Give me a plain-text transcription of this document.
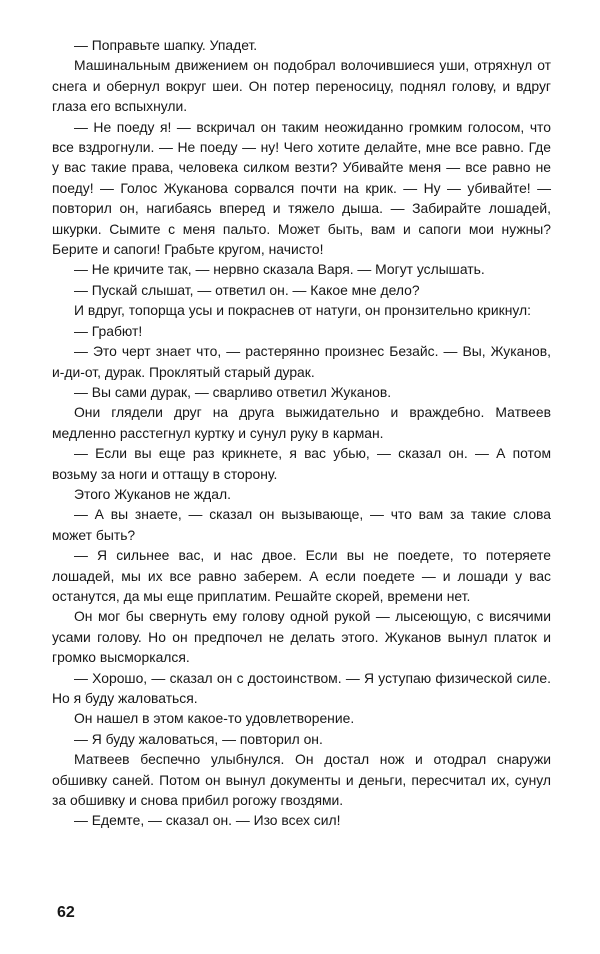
— Поправьте шапку. Упадет.

Машинальным движением он подобрал волочившиеся уши, отряхнул от снега и обернул вокруг шеи. Он потер переносицу, поднял голову, и вдруг глаза его вспыхнули.

— Не поеду я! — вскричал он таким неожиданно громким голосом, что все вздрогнули. — Не поеду — ну! Чего хотите делайте, мне все равно. Где у вас такие права, человека силком везти? Убивайте меня — все равно не поеду! — Голос Жуканова сорвался почти на крик. — Ну — убивайте! — повторил он, нагибаясь вперед и тяжело дыша. — Забирайте лошадей, шкурки. Сымите с меня пальто. Может быть, вам и сапоги мои нужны? Берите и сапоги! Грабьте кругом, начисто!

— Не кричите так, — нервно сказала Варя. — Могут услышать.

— Пускай слышат, — ответил он. — Какое мне дело?

И вдруг, топорща усы и покраснев от натуги, он пронзительно крикнул:

— Грабют!

— Это черт знает что, — растерянно произнес Безайс. — Вы, Жуканов, и-ди-от, дурак. Проклятый старый дурак.

— Вы сами дурак, — сварливо ответил Жуканов.

Они глядели друг на друга выжидательно и враждебно. Матвеев медленно расстегнул куртку и сунул руку в карман.

— Если вы еще раз крикнете, я вас убью, — сказал он. — А потом возьму за ноги и оттащу в сторону.

Этого Жуканов не ждал.

— А вы знаете, — сказал он вызывающе, — что вам за такие слова может быть?

— Я сильнее вас, и нас двое. Если вы не поедете, то потеряете лошадей, мы их все равно заберем. А если поедете — и лошади у вас останутся, да мы еще приплатим. Решайте скорей, времени нет.

Он мог бы свернуть ему голову одной рукой — лысеющую, с висячими усами голову. Но он предпочел не делать этого. Жуканов вынул платок и громко высморкался.

— Хорошо, — сказал он с достоинством. — Я уступаю физической силе. Но я буду жаловаться.

Он нашел в этом какое-то удовлетворение.

— Я буду жаловаться, — повторил он.

Матвеев беспечно улыбнулся. Он достал нож и отодрал снаружи обшивку саней. Потом он вынул документы и деньги, пересчитал их, сунул за обшивку и снова прибил рогожу гвоздями.

— Едемте, — сказал он. — Изо всех сил!

62
